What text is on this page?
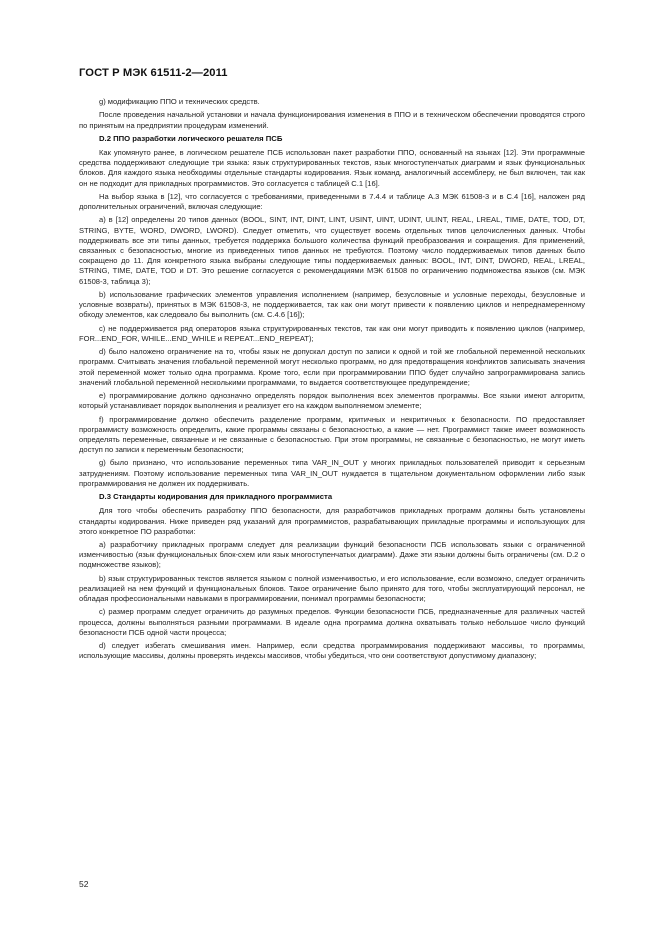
ГОСТ Р МЭК 61511-2—2011

g) модификацию ППО и технических средств.

После проведения начальной установки и начала функционирования изменения в ППО и в техническом обеспечении проводятся строго по принятым на предприятии процедурам изменений.

D.2 ППО разработки логического решателя ПСБ

Как упомянуто ранее, в логическом решателе ПСБ использован пакет разработки ППО, основанный на языках [12]. Эти программные средства поддерживают следующие три языка: язык структурированных текстов, язык многоступенчатых диаграмм и язык функциональных блоков. Для каждого языка необходимы отдельные стандарты кодирования. Язык команд, аналогичный ассемблеру, не был включен, так как он не подходит для прикладных программистов. Это согласуется с таблицей С.1 [16].

На выбор языка в [12], что согласуется с требованиями, приведенными в 7.4.4 и таблице А.3 МЭК 61508-3 и в С.4 [16], наложен ряд дополнительных ограничений, включая следующие:

а) в [12] определены 20 типов данных (BOOL, SINT, INT, DINT, LINT, USINT, UINT, UDINT, ULINT, REAL, LREAL, TIME, DATE, TOD, DT, STRING, BYTE, WORD, DWORD, LWORD). Следует отметить, что существует восемь отдельных типов целочисленных данных. Чтобы поддерживать все эти типы данных, требуется поддержка большого количества функций преобразования и сокращения. Для применений, связанных с безопасностью, многие из приведенных типов данных не требуются. Поэтому число поддерживаемых типов данных было сокращено до 11. Для конкретного языка выбраны следующие типы поддерживаемых данных: BOOL, INT, DINT, DWORD, REAL, LREAL, STRING, TIME, DATE, TOD и DT. Это решение согласуется с рекомендациями МЭК 61508 по ограничению подмножества языков (см. МЭК 61508-3, таблица 3);

b) использование графических элементов управления исполнением (например, безусловные и условные переходы, безусловные и условные возвраты), принятых в МЭК 61508-3, не поддерживается, так как они могут привести к появлению циклов и непреднамеренному обходу элементов, как следовало бы выполнить (см. С.4.6 [16]);

с) не поддерживается ряд операторов языка структурированных текстов, так как они могут приводить к появлению циклов (например, FOR...END_FOR, WHILE...END_WHILE и REPEAT...END_REPEAT);

d) было наложено ограничение на то, чтобы язык не допускал доступ по записи к одной и той же глобальной переменной нескольких программ. Считывать значения глобальной переменной могут несколько программ, но для предотвращения конфликтов записывать значения этой переменной может только одна программа. Кроме того, если при программировании ППО будет случайно запрограммирована запись значений глобальной переменной несколькими программами, то выдается соответствующее предупреждение;

е) программирование должно однозначно определять порядок выполнения всех элементов программы. Все языки имеют алгоритм, который устанавливает порядок выполнения и реализует его на каждом выполняемом элементе;

f) программирование должно обеспечить разделение программ, критичных и некритичных к безопасности. ПО предоставляет программисту возможность определить, какие программы связаны с безопасностью, а какие — нет. Программист также имеет возможность определять переменные, связанные и не связанные с безопасностью. При этом программы, не связанные с безопасностью, не могут иметь доступ по записи к переменным безопасности;

g) было признано, что использование переменных типа VAR_IN_OUT у многих прикладных пользователей приводит к серьезным затруднениям. Поэтому использование переменных типа VAR_IN_OUT нуждается в тщательном документальном оформлении либо язык программирования не должен их поддерживать.

D.3 Стандарты кодирования для прикладного программиста

Для того чтобы обеспечить разработку ППО безопасности, для разработчиков прикладных программ должны быть установлены стандарты кодирования. Ниже приведен ряд указаний для программистов, разрабатывающих прикладные программы и использующих для этого конкретное ПО разработки:

а) разработчику прикладных программ следует для реализации функций безопасности ПСБ использовать языки с ограниченной изменчивостью (язык функциональных блок-схем или язык многоступенчатых диаграмм). Даже эти языки должны быть ограничены (см. D.2 о подмножестве языков);

b) язык структурированных текстов является языком с полной изменчивостью, и его использование, если возможно, следует ограничить реализацией на нем функций и функциональных блоков. Такое ограничение было принято для того, чтобы эксплуатирующий персонал, не обладая профессиональными навыками в программировании, понимал программы безопасности;

с) размер программ следует ограничить до разумных пределов. Функции безопасности ПСБ, предназначенные для различных частей процесса, должны выполняться разными программами. В идеале одна программа должна охватывать только небольшое число функций безопасности ПСБ одной части процесса;

d) следует избегать смешивания имен. Например, если средства программирования поддерживают массивы, то программы, использующие массивы, должны проверять индексы массивов, чтобы убедиться, что они соответствуют допустимому диапазону;

52
